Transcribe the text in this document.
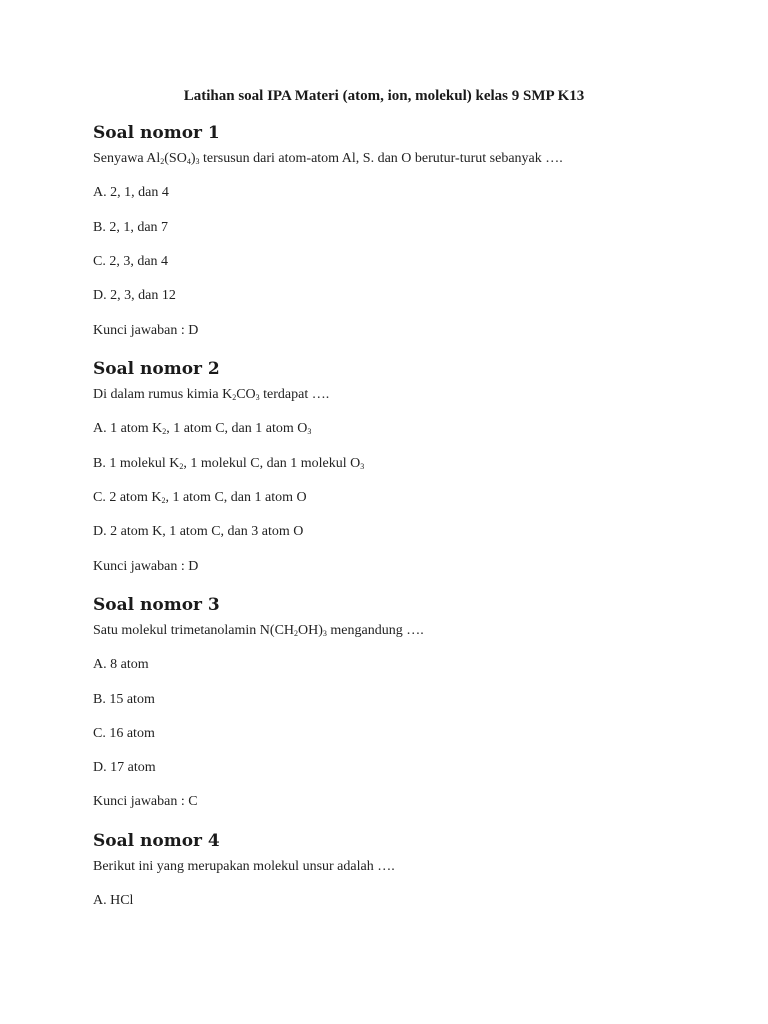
Latihan soal IPA Materi (atom, ion, molekul) kelas 9 SMP K13
Soal nomor 1
Senyawa $Al_2(SO_4)_3$ tersusun dari atom-atom Al, S. dan O berutur-turut sebanyak ….
A. 2, 1, dan 4
B. 2, 1, dan 7
C. 2, 3, dan 4
D. 2, 3, dan 12
Kunci jawaban : D
Soal nomor 2
Di dalam rumus kimia $K_2CO_3$ terdapat ….
A. 1 atom $K_2$, 1 atom C, dan 1 atom $O_3$
B. 1 molekul $K_2$, 1 molekul C, dan 1 molekul $O_3$
C. 2 atom $K_2$, 1 atom C, dan 1 atom O
D. 2 atom K, 1 atom C, dan 3 atom O
Kunci jawaban : D
Soal nomor 3
Satu molekul trimetanolamin $N(CH_2OH)_3$ mengandung ….
A. 8 atom
B. 15 atom
C. 16 atom
D. 17 atom
Kunci jawaban : C
Soal nomor 4
Berikut ini yang merupakan molekul unsur adalah ….
A. HCl
